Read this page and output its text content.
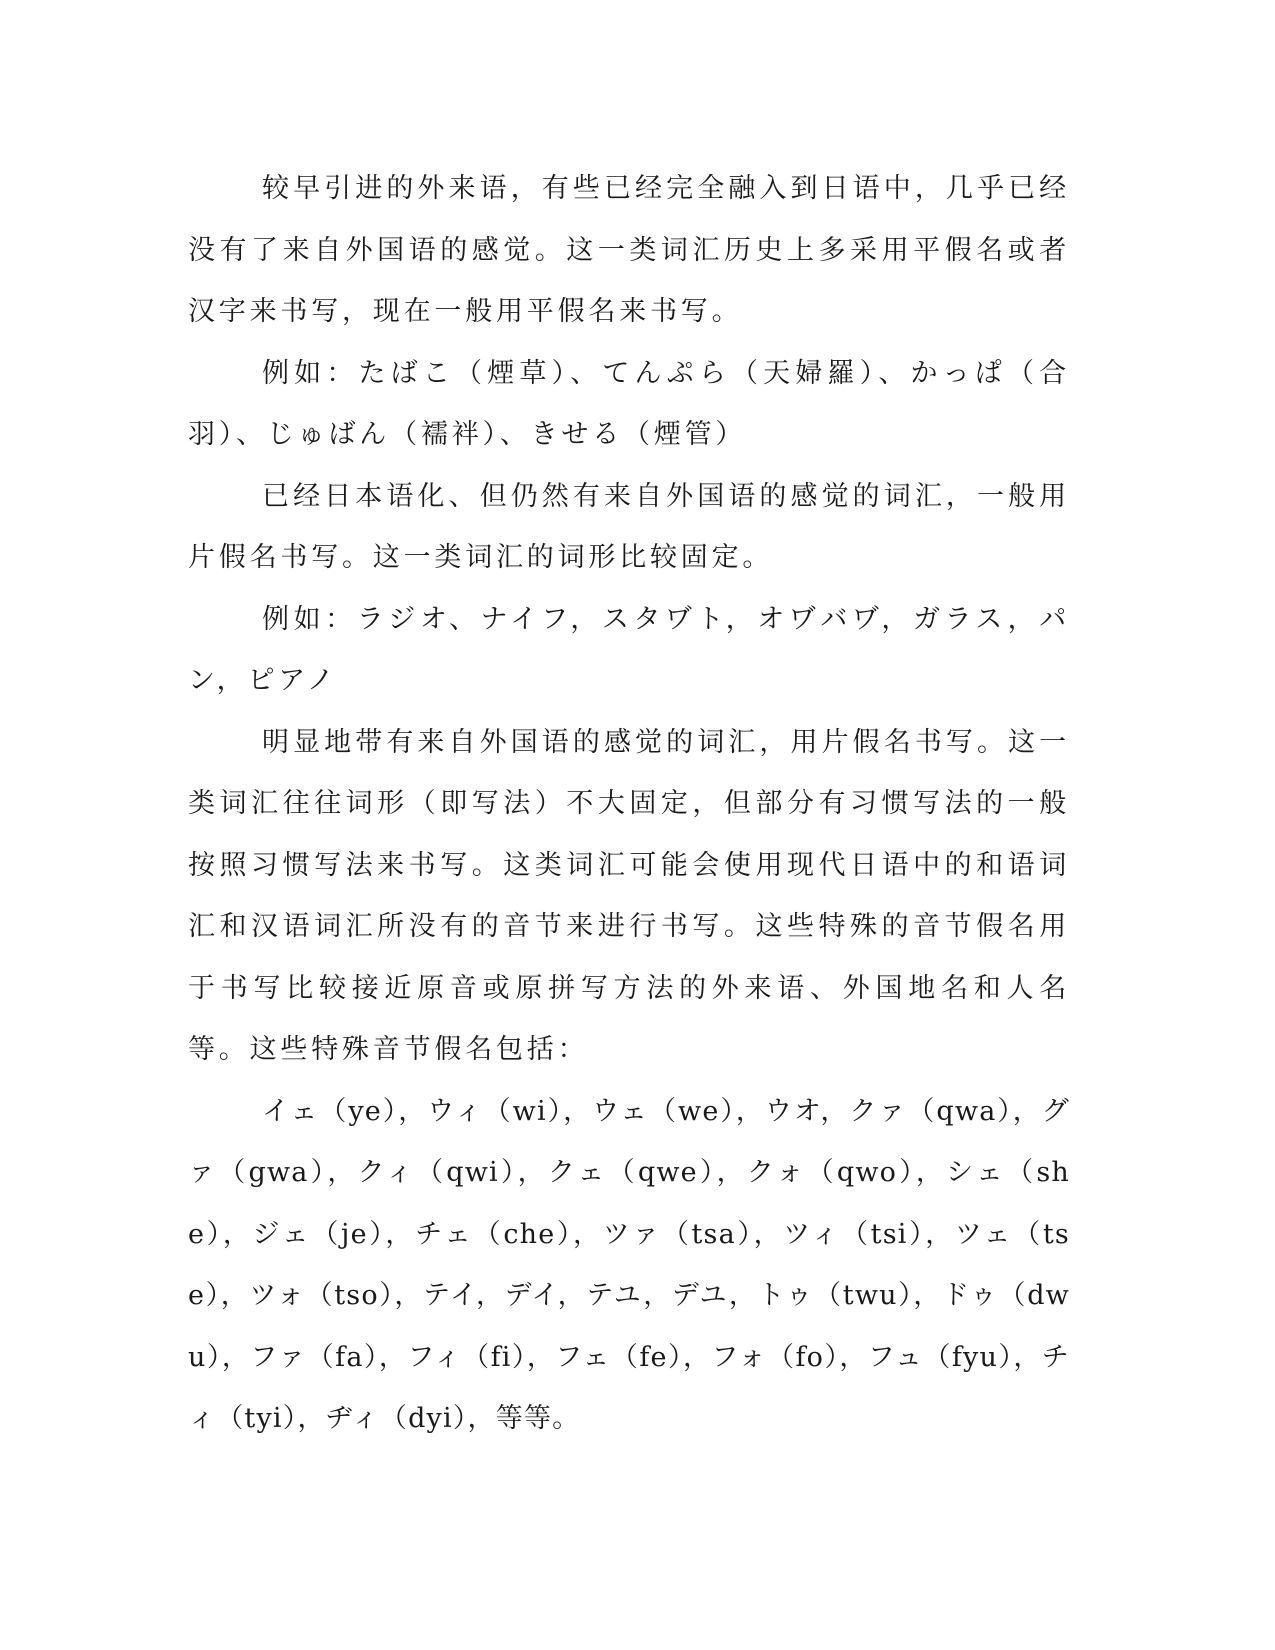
较早引进的外来语，有些已经完全融入到日语中，几乎已经没有了来自外国语的感觉。这一类词汇历史上多采用平假名或者汉字来书写，现在一般用平假名来书写。

例如：たばこ（煙草）、てんぷら（天婦羅）、かっぱ（合羽）、じゅばん（襦袢）、きせる（煙管）

已经日本语化、但仍然有来自外国语的感觉的词汇，一般用片假名书写。这一类词汇的词形比较固定。

例如：ラジオ、ナイフ，スタヷト，オヷバヷ，ガラス，パン，ピアノ

明显地带有来自外国语的感觉的词汇，用片假名书写。这一类词汇往往词形（即写法）不大固定，但部分有习惯写法的一般按照习惯写法来书写。这类词汇可能会使用现代日语中的和语词汇和汉语词汇所没有的音节来进行书写。这些特殊的音节假名用于书写比较接近原音或原拼写方法的外来语、外国地名和人名等。这些特殊音节假名包括：

イェ（ye），ウィ（wi），ウェ（we），ウオ，クァ（qwa），グァ（gwa），クィ（qwi），クェ（qwe），クォ（qwo），シェ（she），ジェ（je），チェ（che），ツァ（tsa），ツィ（tsi），ツェ（tse），ツォ（tso），テイ，デイ，テユ，デユ，トゥ（twu），ドゥ（dwu），ファ（fa），フィ（fi），フェ（fe），フォ（fo），フュ（fyu），チィ（tyi），ヂィ（dyi），等等。
